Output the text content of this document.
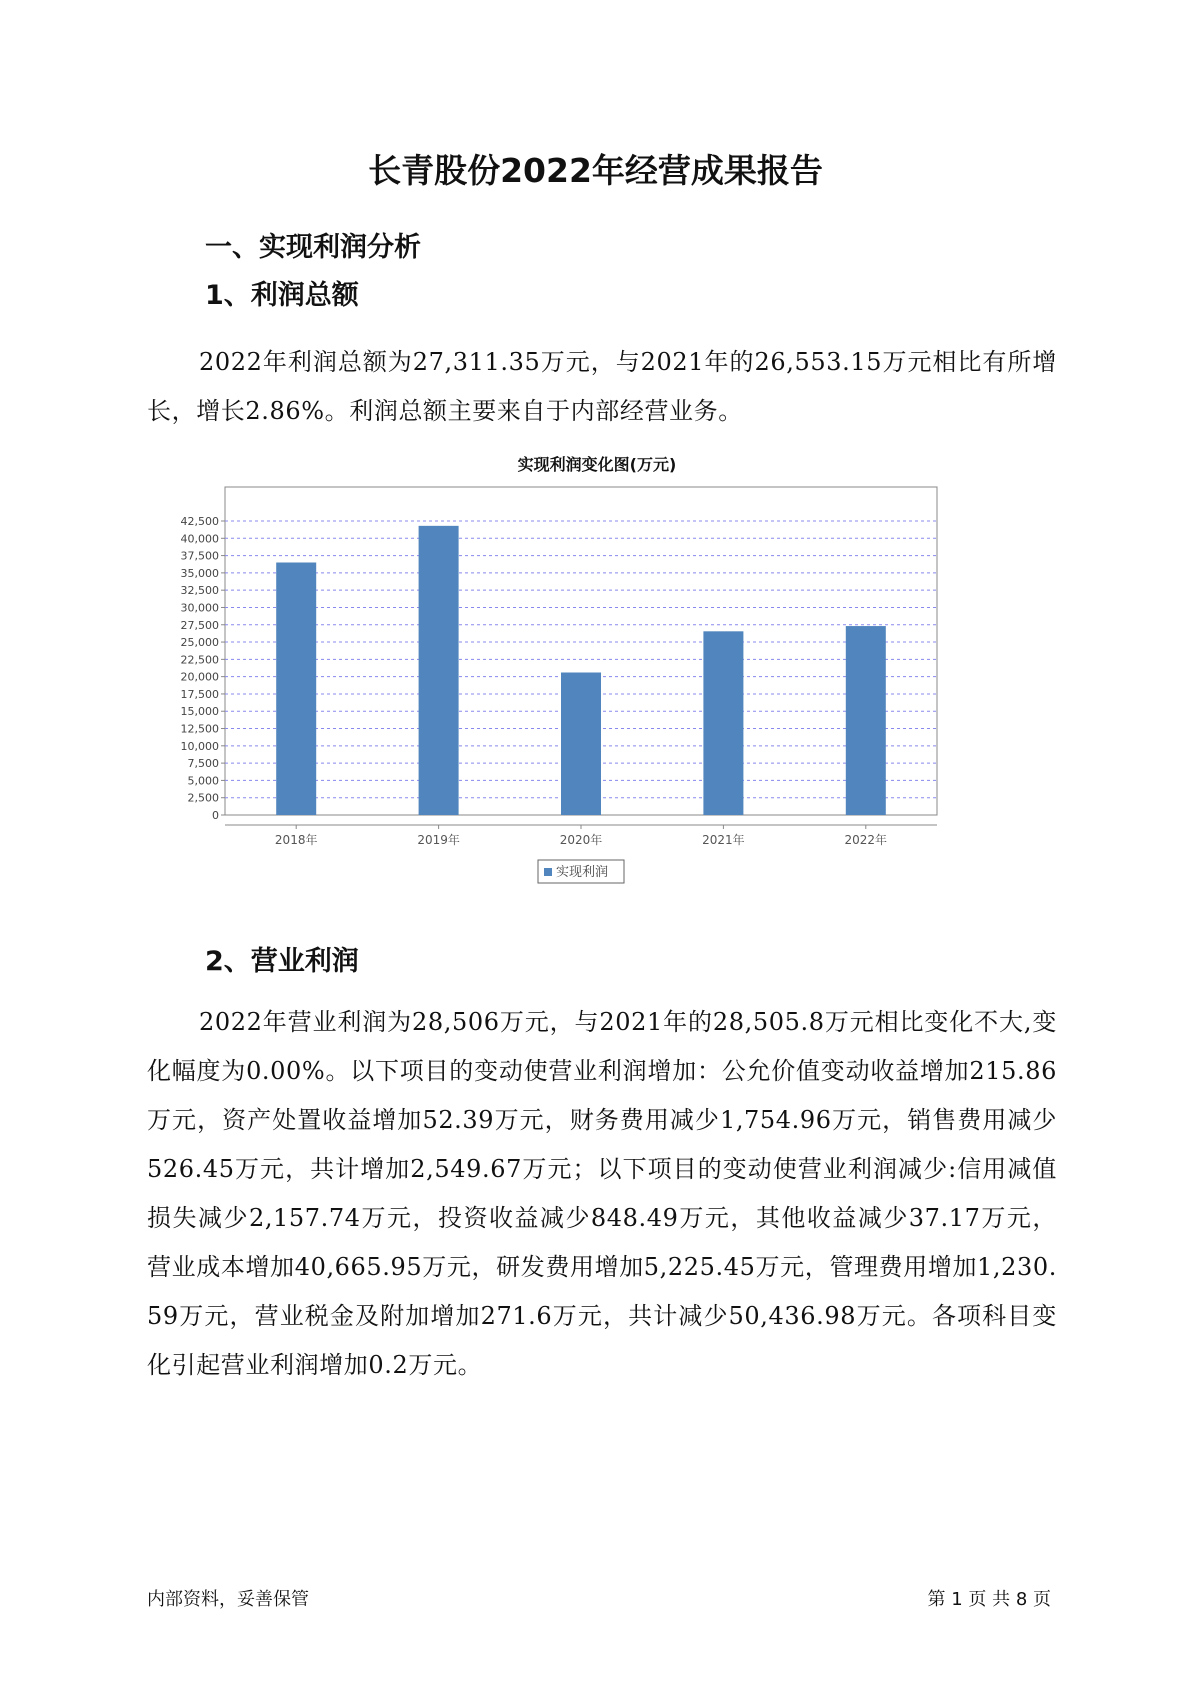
长青股份2022年经营成果报告
一、实现利润分析
1、利润总额
2022年利润总额为27,311.35万元，与2021年的26,553.15万元相比有所增长，增长2.86%。利润总额主要来自于内部经营业务。
实现利润变化图(万元)
0
2,500
5,000
7,500
10,000
12,500
15,000
17,500
20,000
22,500
25,000
27,500
30,000
32,500
35,000
37,500
40,000
42,500
2018年	2019年	2020年	2021年	2022年
实现利润
2、营业利润
2022年营业利润为28,506万元，与2021年的28,505.8万元相比变化不大,变化幅度为0.00%。以下项目的变动使营业利润增加：公允价值变动收益增加215.86万元，资产处置收益增加52.39万元，财务费用减少1,754.96万元，销售费用减少526.45万元，共计增加2,549.67万元；以下项目的变动使营业利润减少:信用减值损失减少2,157.74万元，投资收益减少848.49万元，其他收益减少37.17万元，营业成本增加40,665.95万元，研发费用增加5,225.45万元，管理费用增加1,230.59万元，营业税金及附加增加271.6万元，共计减少50,436.98万元。各项科目变化引起营业利润增加0.2万元。
内部资料，妥善保管	第 1 页 共 8 页
